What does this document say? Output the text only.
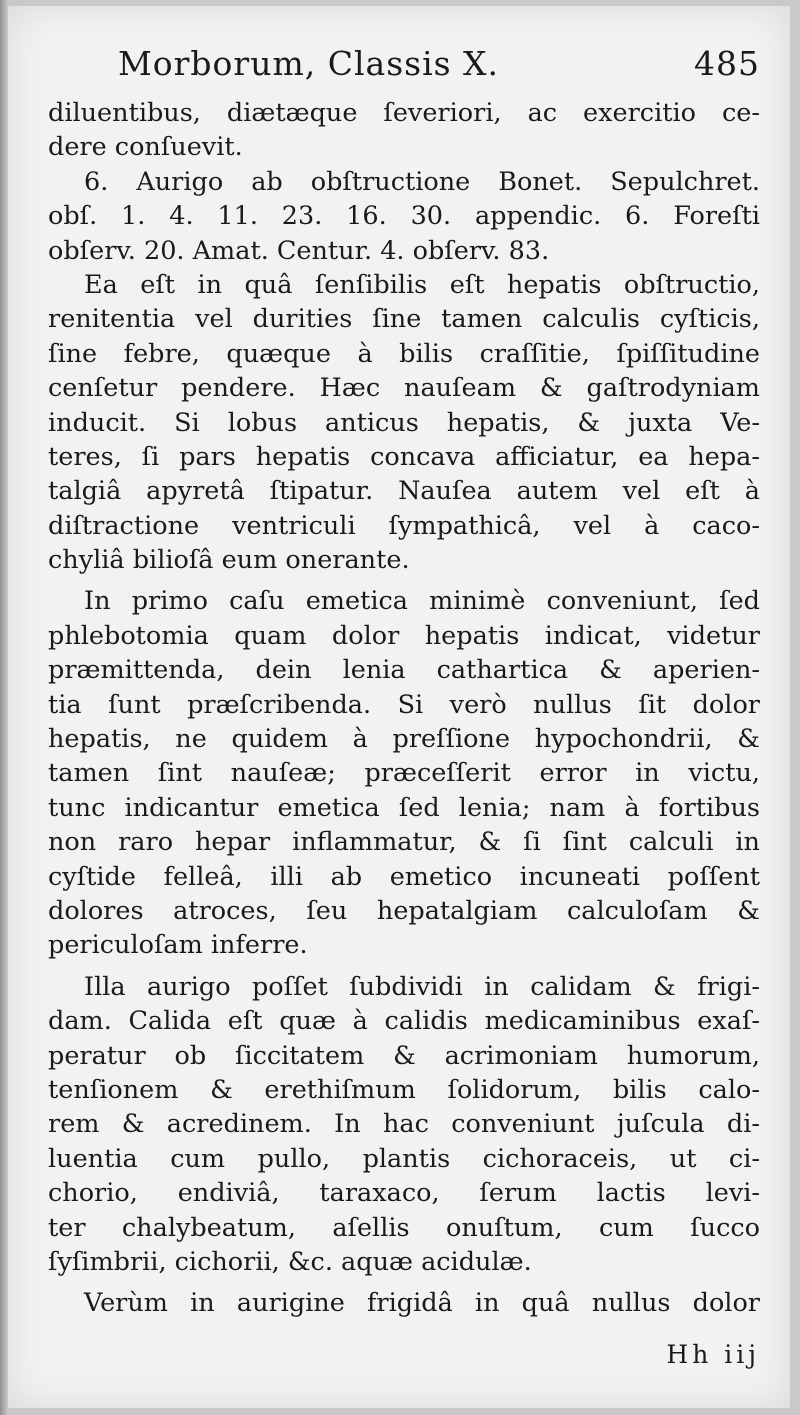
Morborum, Classis X.	485
diluentibus, diætæque ſeveriori, ac exercitio ce-
dere conſuevit.
6. Aurigo ab obſtructione Bonet. Sepulchret.
obſ. 1. 4. 11. 23. 16. 30. appendic. 6. Foreſti
obſerv. 20. Amat. Centur. 4. obſerv. 83.
Ea eſt in quâ ſenſibilis eſt hepatis obſtructio,
renitentia vel durities ſine tamen calculis cyſticis,
ſine febre, quæque à bilis craſſitie, ſpiſſitudine
cenſetur pendere. Hæc nauſeam & gaſtrodyniam
inducit. Si lobus anticus hepatis, & juxta Ve-
teres, ſi pars hepatis concava afficiatur, ea hepa-
talgiâ apyretâ ſtipatur. Nauſea autem vel eſt à
diſtractione ventriculi ſympathicâ, vel à caco-
chyliâ bilioſâ eum onerante.
In primo caſu emetica minimè conveniunt, ſed
phlebotomia quam dolor hepatis indicat, videtur
præmittenda, dein lenia cathartica & aperien-
tia ſunt præſcribenda. Si verò nullus ſit dolor
hepatis, ne quidem à preſſione hypochondrii, &
tamen ſint nauſeæ; præceſſerit error in victu,
tunc indicantur emetica ſed lenia; nam à fortibus
non raro hepar inflammatur, & ſi ſint calculi in
cyſtide felleâ, illi ab emetico incuneati poſſent
dolores atroces, ſeu hepatalgiam calculoſam &
periculoſam inferre.
Illa aurigo poſſet ſubdividi in calidam & frigi-
dam. Calida eſt quæ à calidis medicaminibus exaſ-
peratur ob ſiccitatem & acrimoniam humorum,
tenſionem & erethiſmum ſolidorum, bilis calo-
rem & acredinem. In hac conveniunt juſcula di-
luentia cum pullo, plantis cichoraceis, ut ci-
chorio, endiviâ, taraxaco, ſerum lactis levi-
ter chalybeatum, aſellis onuſtum, cum ſucco
ſyſimbrii, cichorii, &c. aquæ acidulæ.
Verùm in aurigine frigidâ in quâ nullus dolor
Hh iij
